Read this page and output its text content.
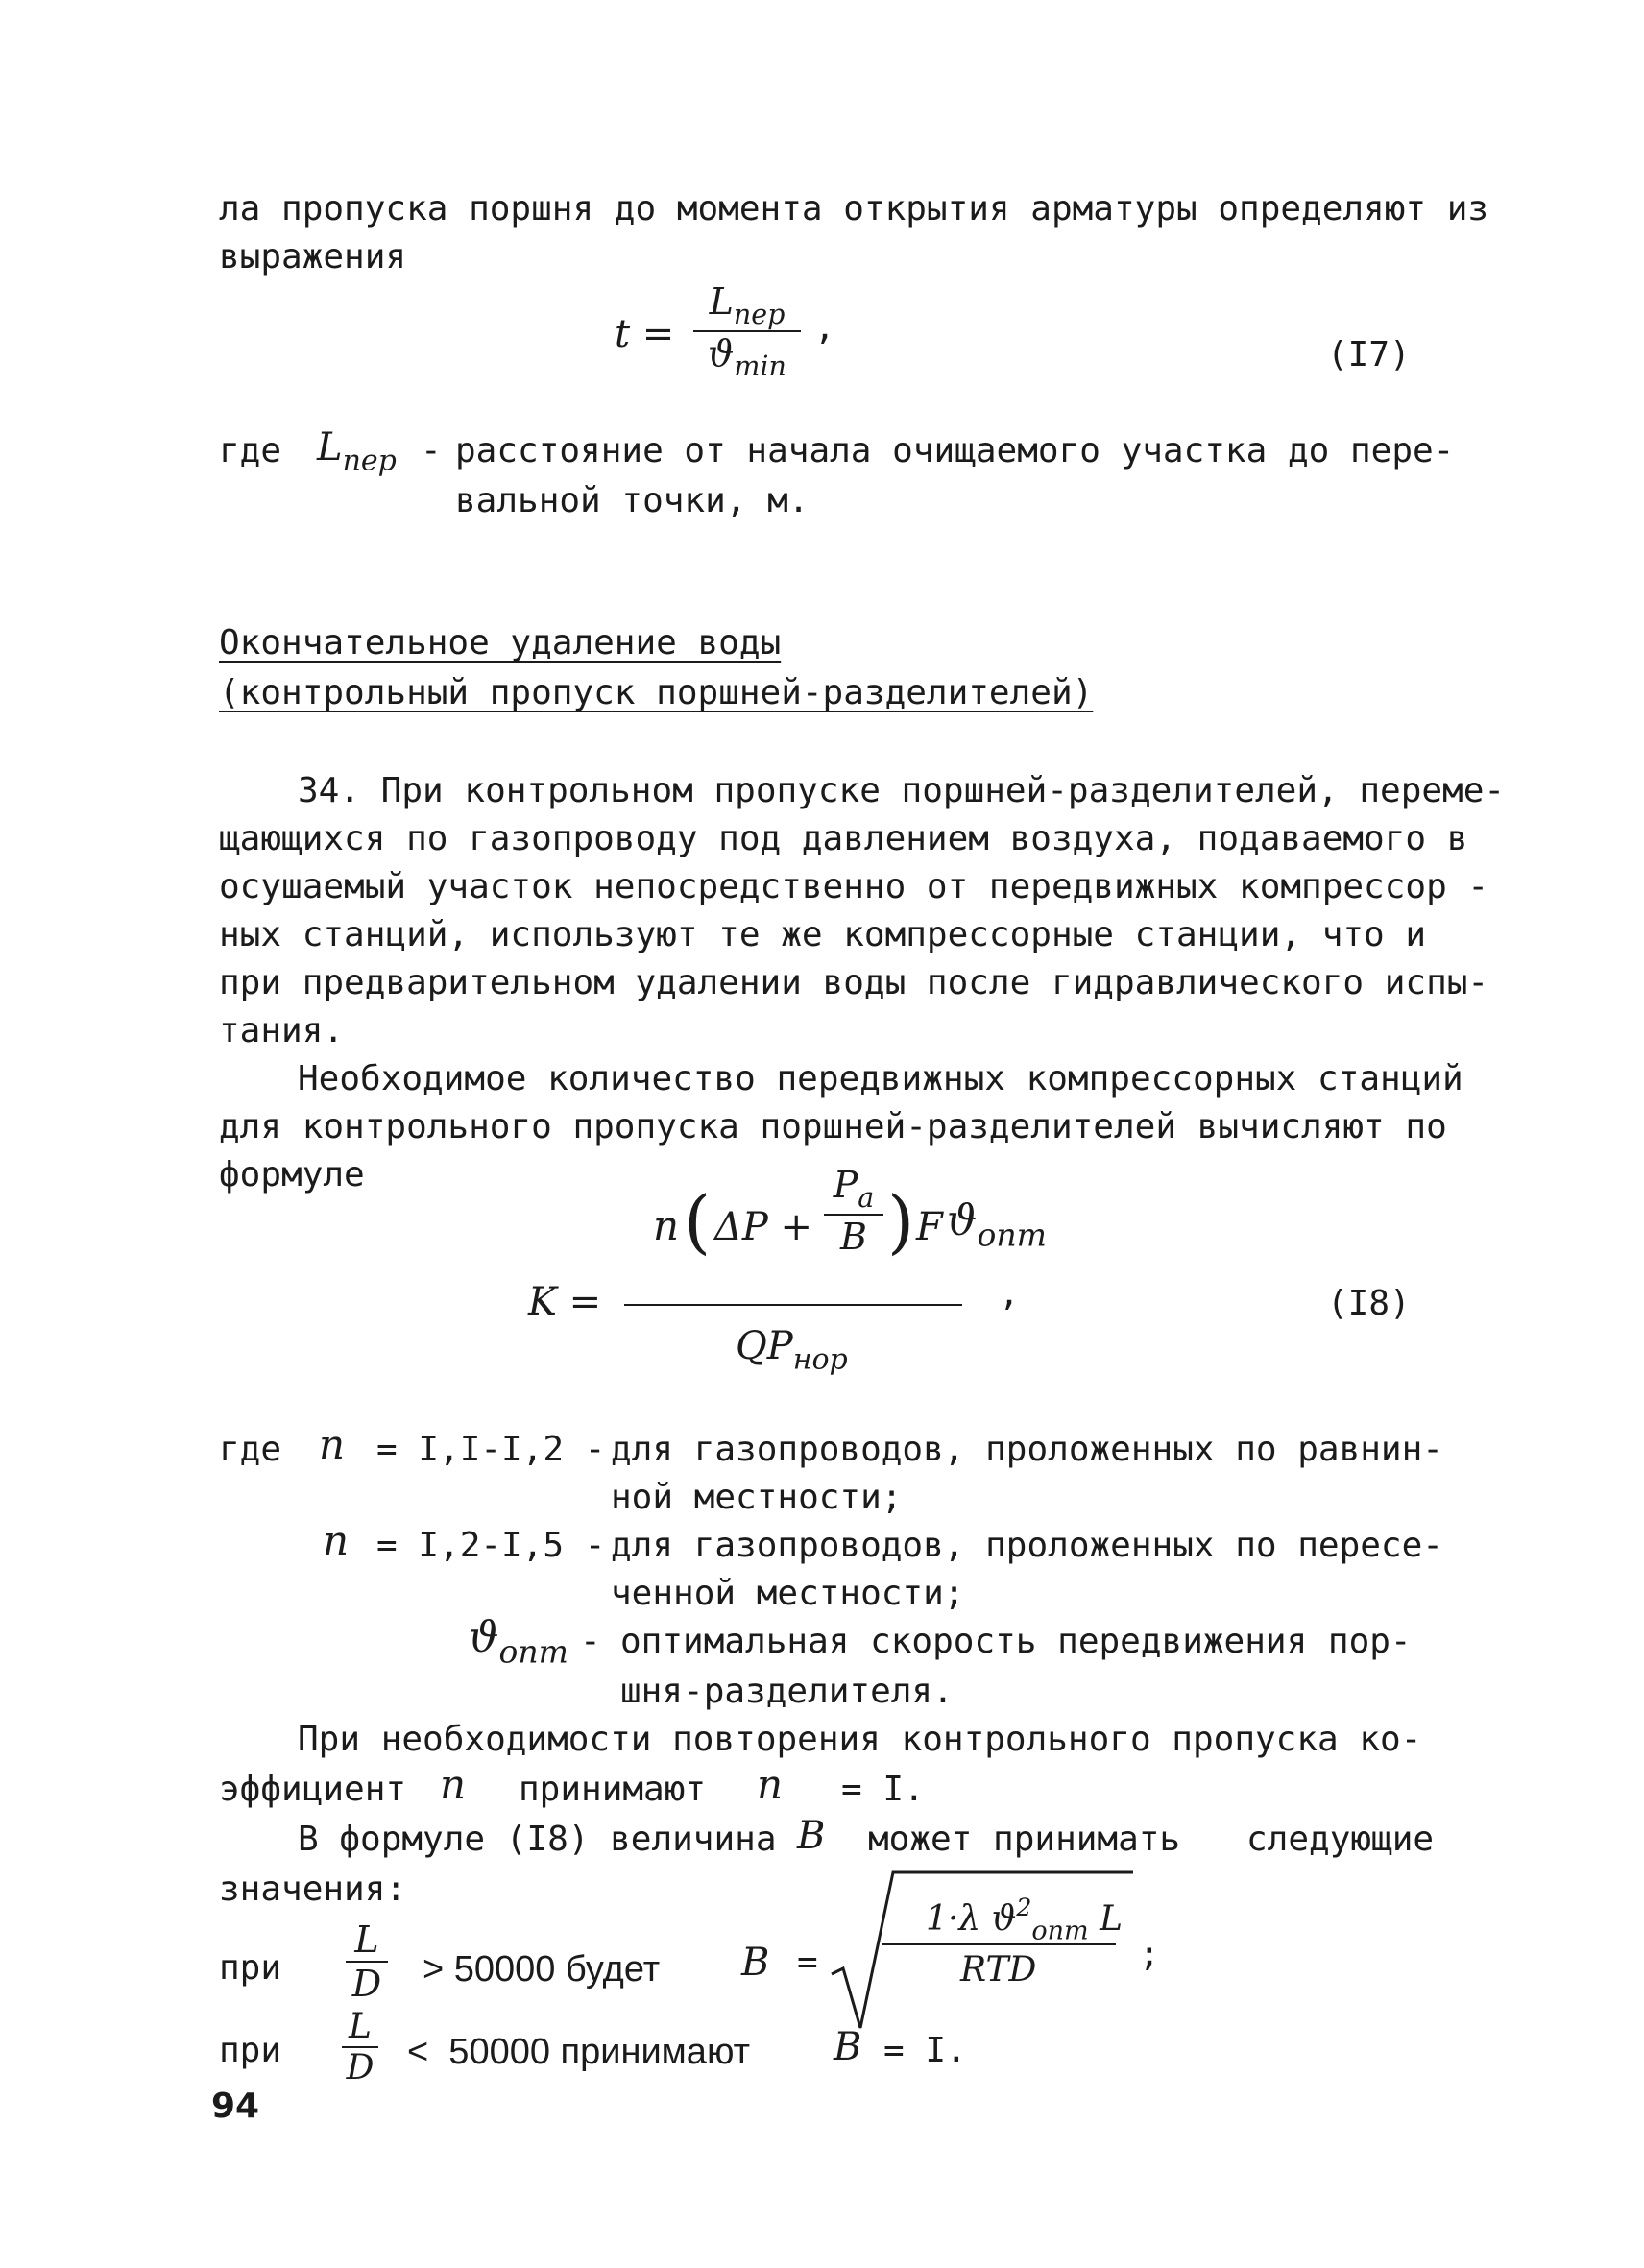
ла пропуска поршня до момента открытия арматуры определяют из
выражения
t =
$L_{пер}$
$ϑ_{min}$
,
(I7)
где $L_{пер}$ - расстояние от начала очищаемого участка до пере-
вальной точки, м.
Окончательное удаление воды
(контрольный пропуск поршней-разделителей)
34. При контрольном пропуске поршней-разделителей, переме-
щающихся по газопроводу под давлением воздуха, подаваемого в
осушаемый участок непосредственно от передвижных компрессор -
ных станций, используют те же компрессорные станции, что и
при предварительном удалении воды после гидравлического испы-
тания.
Необходимое количество передвижных компрессорных станций
для контрольного пропуска поршней-разделителей вычисляют по
формуле
K =
n ( ΔP +
$P_a$
B ) F $ϑ_{опт}$
$QP_{нор}$
,	(I8)
где n = I,I-I,2 - для газопроводов, проложенных по равнин-
ной местности;
n = I,2-I,5 - для газопроводов, проложенных по пересе-
ченной местности;
$ϑ_{опт}$ - оптимальная скорость передвижения пор-
шня-разделителя.
При необходимости повторения контрольного пропуска ко-
эффициент n принимают n = I.
В формуле (I8) величина B может принимать следующие
значения:
при
L
D > 50000 будет B =
1·λ $ϑ^2_{опт}$ L
RTD	;
при
L
D <  50000 принимают B = I.
94
